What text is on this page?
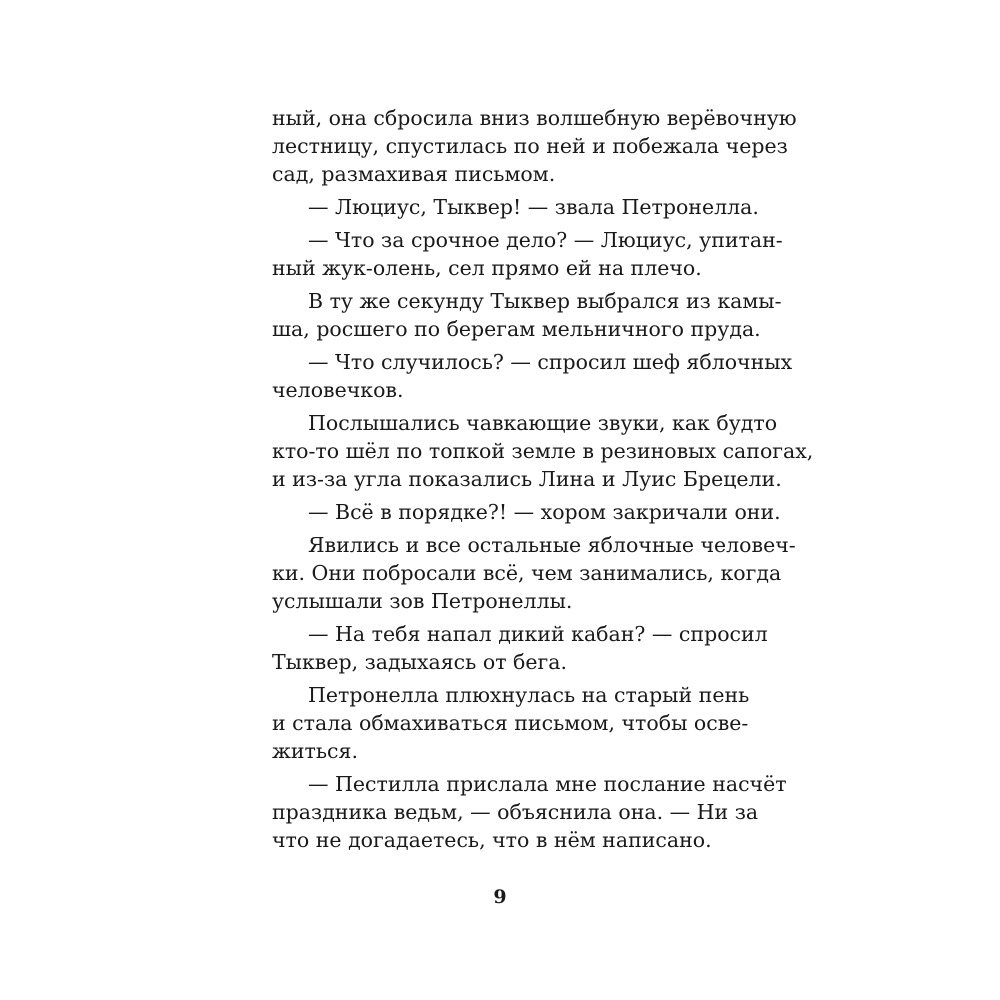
ный, она сбросила вниз волшебную верёвочную
лестницу, спустилась по ней и побежала через
сад, размахивая письмом.
— Люциус, Тыквер! — звала Петронелла.
— Что за срочное дело? — Люциус, упитан-
ный жук-олень, сел прямо ей на плечо.
В ту же секунду Тыквер выбрался из камы-
ша, росшего по берегам мельничного пруда.
— Что случилось? — спросил шеф яблочных
человечков.
Послышались чавкающие звуки, как будто
кто-то шёл по топкой земле в резиновых сапогах,
и из-за угла показались Лина и Луис Брецели.
— Всё в порядке?! — хором закричали они.
Явились и все остальные яблочные человеч-
ки. Они побросали всё, чем занимались, когда
услышали зов Петронеллы.
— На тебя напал дикий кабан? — спросил
Тыквер, задыхаясь от бега.
Петронелла плюхнулась на старый пень
и стала обмахиваться письмом, чтобы осве-
житься.
— Пестилла прислала мне послание насчёт
праздника ведьм, — объяснила она. — Ни за
что не догадаетесь, что в нём написано.
9
